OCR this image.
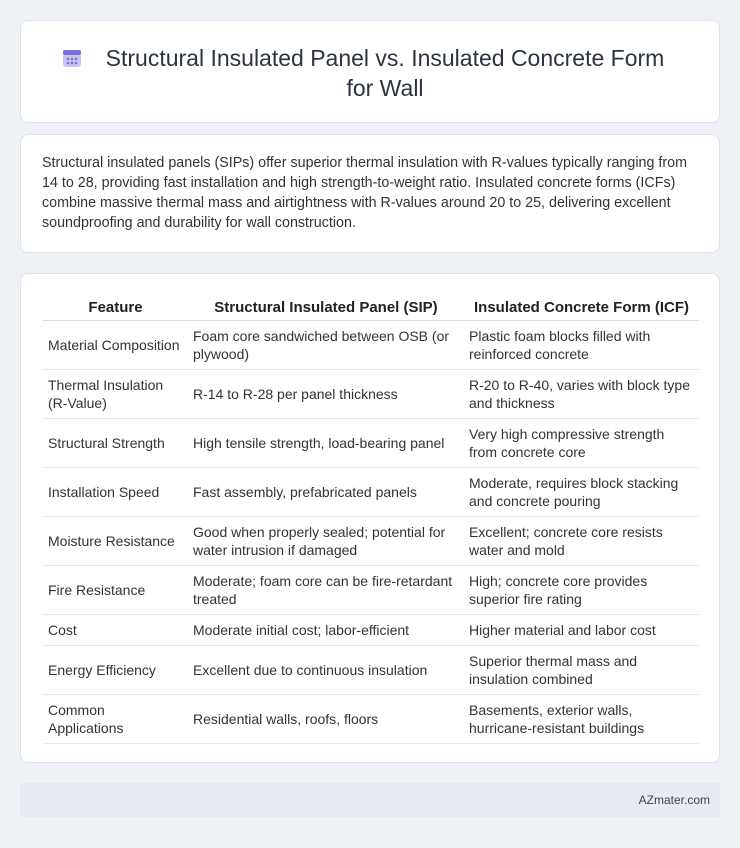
Structural Insulated Panel vs. Insulated Concrete Form for Wall

Structural insulated panels (SIPs) offer superior thermal insulation with R-values typically ranging from 14 to 28, providing fast installation and high strength-to-weight ratio. Insulated concrete forms (ICFs) combine massive thermal mass and airtightness with R-values around 20 to 25, delivering excellent soundproofing and durability for wall construction.

Feature	Structural Insulated Panel (SIP)	Insulated Concrete Form (ICF)
Material Composition	Foam core sandwiched between OSB (or plywood)	Plastic foam blocks filled with reinforced concrete
Thermal Insulation (R-Value)	R-14 to R-28 per panel thickness	R-20 to R-40, varies with block type and thickness
Structural Strength	High tensile strength, load-bearing panel	Very high compressive strength from concrete core
Installation Speed	Fast assembly, prefabricated panels	Moderate, requires block stacking and concrete pouring
Moisture Resistance	Good when properly sealed; potential for water intrusion if damaged	Excellent; concrete core resists water and mold
Fire Resistance	Moderate; foam core can be fire-retardant treated	High; concrete core provides superior fire rating
Cost	Moderate initial cost; labor-efficient	Higher material and labor cost
Energy Efficiency	Excellent due to continuous insulation	Superior thermal mass and insulation combined
Common Applications	Residential walls, roofs, floors	Basements, exterior walls, hurricane-resistant buildings
AZmater.com
